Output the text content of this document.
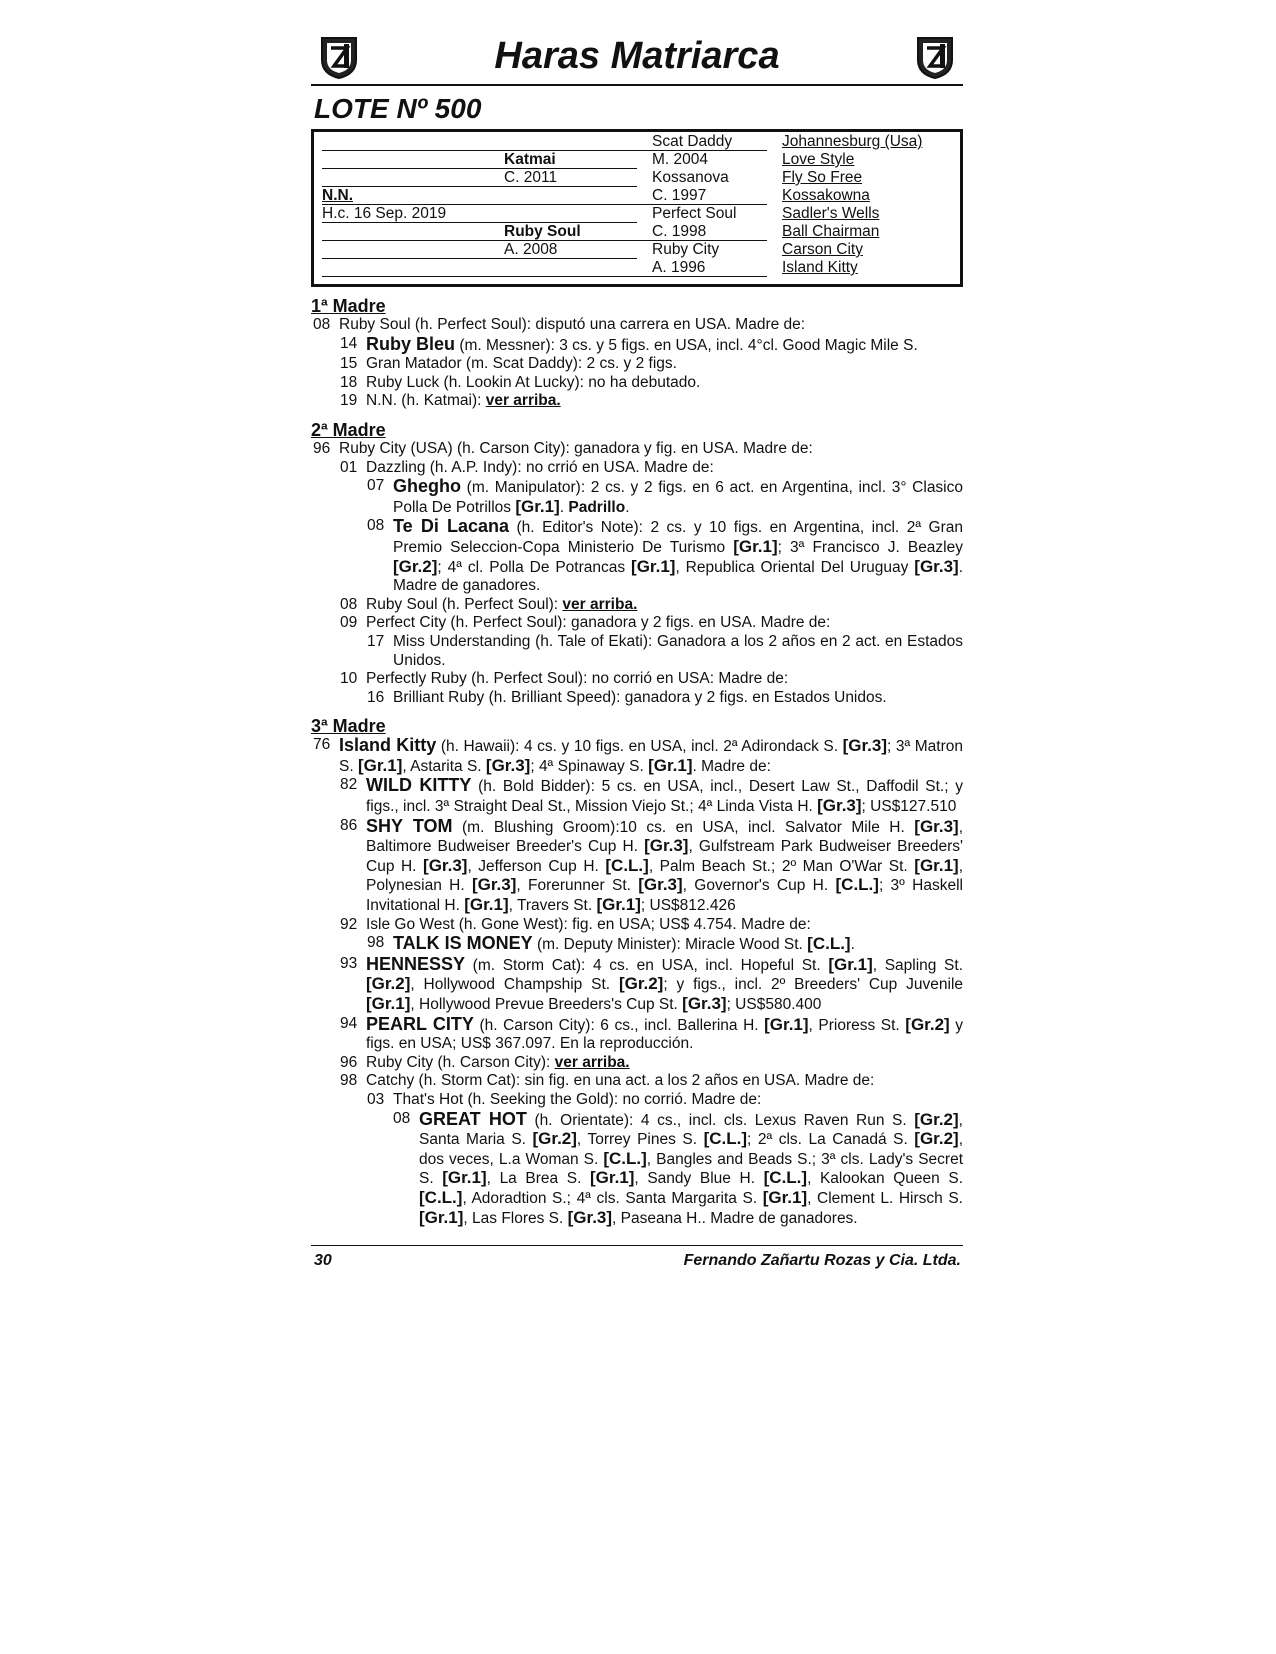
Haras Matriarca
LOTE Nº 500
N.N.
H.c. 16 Sep. 2019
Katmai
C. 2011
Ruby Soul
A. 2008
Scat Daddy
M. 2004
Kossanova
C. 1997
Perfect Soul
C. 1998
Ruby City
A. 1996
Johannesburg (Usa)
Love Style
Fly So Free
Kossakowna
Sadler's Wells
Ball Chairman
Carson City
Island Kitty
1ª Madre
08 Ruby Soul (h. Perfect Soul): disputó una carrera en USA. Madre de:
14 Ruby Bleu (m. Messner): 3 cs. y 5 figs. en USA, incl. 4°cl. Good Magic Mile S.
15 Gran Matador (m. Scat Daddy): 2 cs. y 2 figs.
18 Ruby Luck (h. Lookin At Lucky): no ha debutado.
19 N.N. (h. Katmai): ver arriba.
2ª Madre
96 Ruby City (USA) (h. Carson City): ganadora y fig. en USA. Madre de:
01 Dazzling (h. A.P. Indy): no crrió en USA. Madre de:
07 Ghegho (m. Manipulator): 2 cs. y 2 figs. en 6 act. en Argentina, incl. 3° Clasico Polla De Potrillos [Gr.1]. Padrillo.
08 Te Di Lacana (h. Editor's Note): 2 cs. y 10 figs. en Argentina, incl. 2ª Gran Premio Seleccion-Copa Ministerio De Turismo [Gr.1]; 3ª Francisco J. Beazley [Gr.2]; 4ª cl. Polla De Potrancas [Gr.1], Republica Oriental Del Uruguay [Gr.3]. Madre de ganadores.
08 Ruby Soul (h. Perfect Soul): ver arriba.
09 Perfect City (h. Perfect Soul): ganadora y 2 figs. en USA. Madre de:
17 Miss Understanding (h. Tale of Ekati): Ganadora a los 2 años en 2 act. en Estados Unidos.
10 Perfectly Ruby (h. Perfect Soul): no corrió en USA: Madre de:
16 Brilliant Ruby (h. Brilliant Speed): ganadora y 2 figs. en Estados Unidos.
3ª Madre
76 Island Kitty (h. Hawaii): 4 cs. y 10 figs. en USA, incl. 2ª Adirondack S. [Gr.3]; 3ª Matron S. [Gr.1], Astarita S. [Gr.3]; 4ª Spinaway S. [Gr.1]. Madre de:
82 WILD KITTY (h. Bold Bidder): 5 cs. en USA, incl., Desert Law St., Daffodil St.; y figs., incl. 3ª Straight Deal St., Mission Viejo St.; 4ª Linda Vista H. [Gr.3]; US$127.510
86 SHY TOM (m. Blushing Groom):10 cs. en USA, incl. Salvator Mile H. [Gr.3], Baltimore Budweiser Breeder's Cup H. [Gr.3], Gulfstream Park Budweiser Breeders' Cup H. [Gr.3], Jefferson Cup H. [C.L.], Palm Beach St.; 2º Man O'War St. [Gr.1], Polynesian H. [Gr.3], Forerunner St. [Gr.3], Governor's Cup H. [C.L.]; 3º Haskell Invitational H. [Gr.1], Travers St. [Gr.1]; US$812.426
92 Isle Go West (h. Gone West): fig. en USA; US$ 4.754. Madre de:
98 TALK IS MONEY (m. Deputy Minister): Miracle Wood St. [C.L.].
93 HENNESSY (m. Storm Cat): 4 cs. en USA, incl. Hopeful St. [Gr.1], Sapling St. [Gr.2], Hollywood Champship St. [Gr.2]; y figs., incl. 2º Breeders' Cup Juvenile [Gr.1], Hollywood Prevue Breeders's Cup St. [Gr.3]; US$580.400
94 PEARL CITY (h. Carson City): 6 cs., incl. Ballerina H. [Gr.1], Prioress St. [Gr.2] y figs. en USA; US$ 367.097. En la reproducción.
96 Ruby City (h. Carson City): ver arriba.
98 Catchy (h. Storm Cat): sin fig. en una act. a los 2 años en USA. Madre de:
03 That's Hot (h. Seeking the Gold): no corrió. Madre de:
08 GREAT HOT (h. Orientate): 4 cs., incl. cls. Lexus Raven Run S. [Gr.2], Santa Maria S. [Gr.2], Torrey Pines S. [C.L.]; 2ª cls. La Canadá S. [Gr.2], dos veces, L.a Woman S. [C.L.], Bangles and Beads S.; 3ª cls. Lady's Secret S. [Gr.1], La Brea S. [Gr.1], Sandy Blue H. [C.L.], Kalookan Queen S. [C.L.], Adoradtion S.; 4ª cls. Santa Margarita S. [Gr.1], Clement L. Hirsch S. [Gr.1], Las Flores S. [Gr.3], Paseana H.. Madre de ganadores.
30	Fernando Zañartu Rozas y Cia. Ltda.
